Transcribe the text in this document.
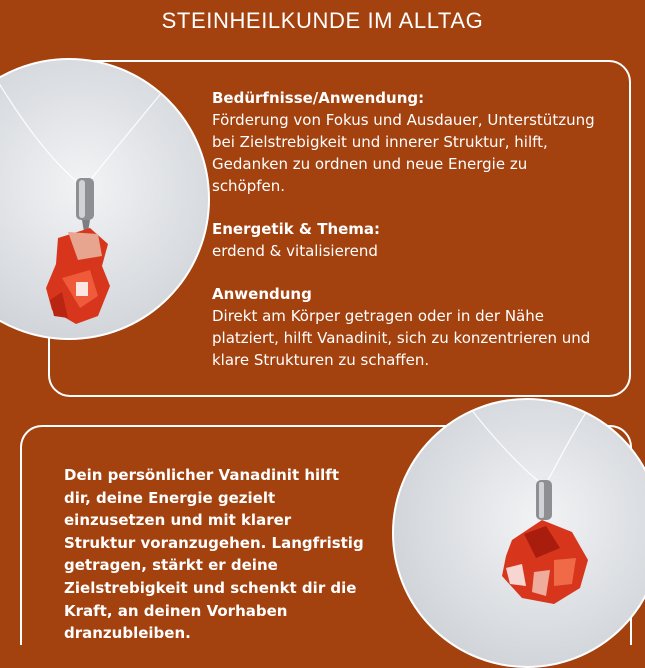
STEINHEILKUNDE IM ALLTAG

Bedürfnisse/Anwendung:

Förderung von Fokus und Ausdauer, Unterstützung

bei Zielstrebigkeit und innerer Struktur, hilft,

Gedanken zu ordnen und neue Energie zu

schöpfen.

Energetik & Thema:

erdend & vitalisierend

Anwendung

Direkt am Körper getragen oder in der Nähe

platziert, hilft Vanadinit, sich zu konzentrieren und

klare Strukturen zu schaffen.

Dein persönlicher Vanadinit hilft
dir, deine Energie gezielt
einzusetzen und mit klarer
Struktur voranzugehen. Langfristig
getragen, stärkt er deine
Zielstrebigkeit und schenkt dir die
Kraft, an deinen Vorhaben
dranzubleiben.
